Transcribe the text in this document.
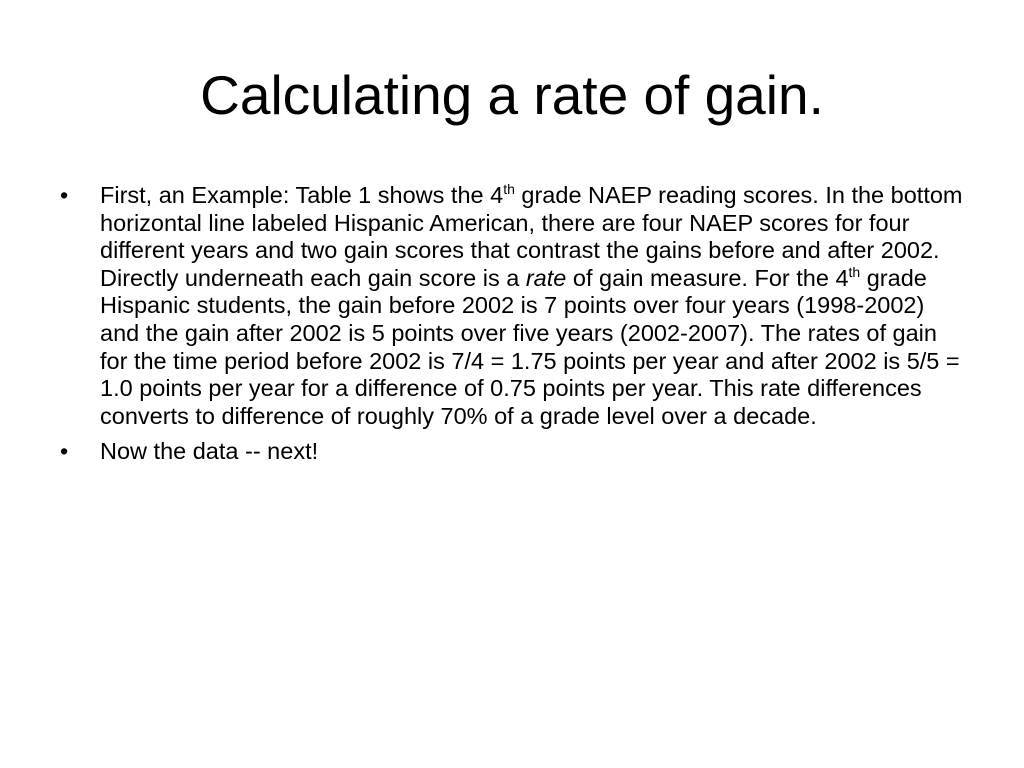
Calculating a rate of gain.
• First, an Example: Table 1 shows the 4th grade NAEP reading scores. In the bottom horizontal line labeled Hispanic American, there are four NAEP scores for four different years and two gain scores that contrast the gains before and after 2002. Directly underneath each gain score is a rate of gain measure. For the 4th grade Hispanic students, the gain before 2002 is 7 points over four years (1998-2002) and the gain after 2002 is 5 points over five years (2002-2007). The rates of gain for the time period before 2002 is 7/4 = 1.75 points per year and after 2002 is 5/5 = 1.0 points per year for a difference of 0.75 points per year. This rate differences converts to difference of roughly 70% of a grade level over a decade.
• Now the data -- next!
